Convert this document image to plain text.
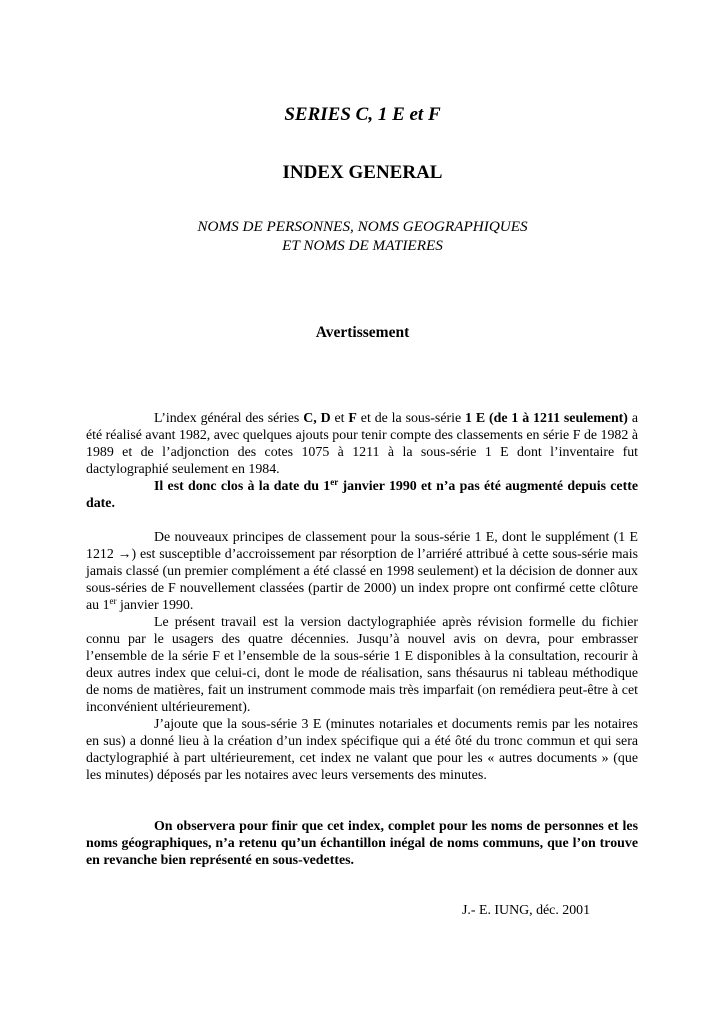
SERIES C, 1 E et F
INDEX GENERAL
NOMS DE PERSONNES, NOMS GEOGRAPHIQUES
ET NOMS DE MATIERES
Avertissement

L’index général des séries C, D et F et de la sous-série 1 E (de 1 à 1211 seulement) a été réalisé avant 1982, avec quelques ajouts pour tenir compte des classements en série F de 1982 à 1989 et de l’adjonction des cotes 1075 à 1211 à la sous-série 1 E dont l’inventaire fut dactylographié seulement en 1984.

Il est donc clos à la date du 1er janvier 1990 et n’a pas été augmenté depuis cette date.

De nouveaux principes de classement pour la sous-série 1 E, dont le supplément (1 E 1212 →) est susceptible d’accroissement par résorption de l’arriéré attribué à cette sous-série mais jamais classé (un premier complément a été classé en 1998 seulement) et la décision de donner aux sous-séries de F nouvellement classées (partir de 2000) un index propre ont confirmé cette clôture au 1er janvier 1990.

Le présent travail est la version dactylographiée après révision formelle du fichier connu par le usagers des quatre décennies. Jusqu’à nouvel avis on devra, pour embrasser l’ensemble de la série F et l’ensemble de la sous-série 1 E disponibles à la consultation, recourir à deux autres index que celui-ci, dont le mode de réalisation, sans thésaurus ni tableau méthodique de noms de matières, fait un instrument commode mais très imparfait (on remédiera peut-être à cet inconvénient ultérieurement).

J’ajoute que la sous-série 3 E (minutes notariales et documents remis par les notaires en sus) a donné lieu à la création d’un index spécifique qui a été ôté du tronc commun et qui sera dactylographié à part ultérieurement, cet index ne valant que pour les « autres documents » (que les minutes) déposés par les notaires avec leurs versements des minutes.

On observera pour finir que cet index, complet pour les noms de personnes et les noms géographiques, n’a retenu qu’un échantillon inégal de noms communs, que l’on trouve en revanche bien représenté en sous-vedettes.

J.- E. IUNG, déc. 2001
